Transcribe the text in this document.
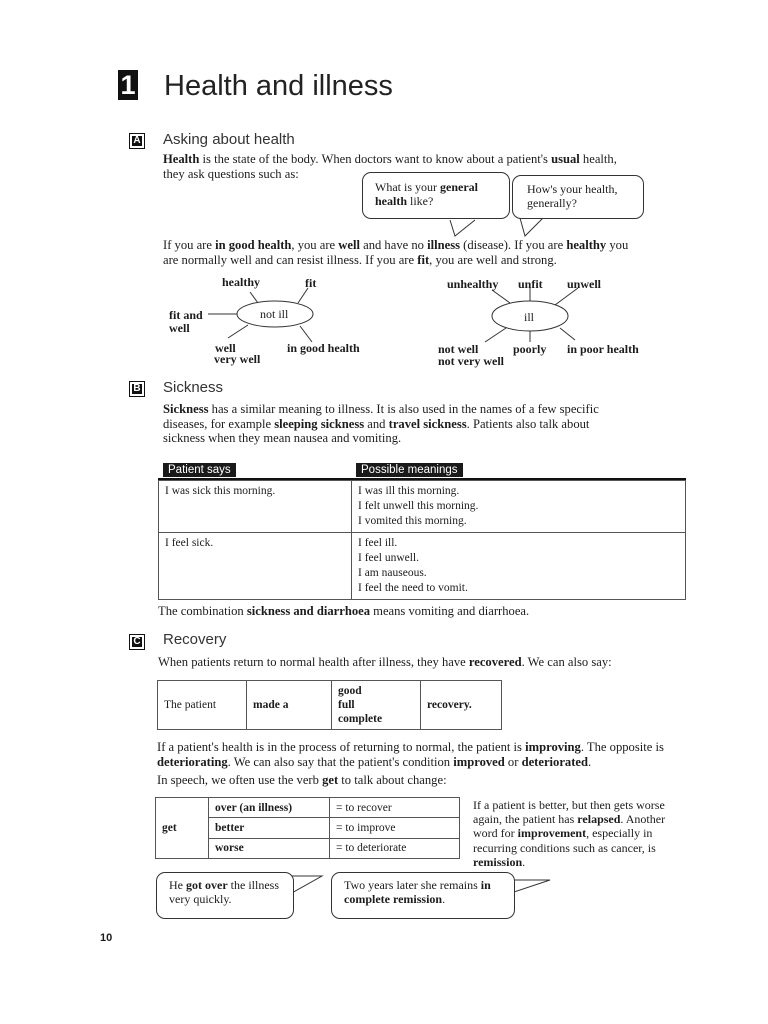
1 Health and illness
A Asking about health
Health is the state of the body. When doctors want to know about a patient's usual health, they ask questions such as:
What is your general health like?
How's your health, generally?
If you are in good health, you are well and have no illness (disease). If you are healthy you are normally well and can resist illness. If you are fit, you are well and strong.
not ill
healthy	fit
fit and well
well
very well
in good health
ill
unhealthy unfit unwell
not well
not very well
poorly in poor health
B Sickness
Sickness has a similar meaning to illness. It is also used in the names of a few specific diseases, for example sleeping sickness and travel sickness. Patients also talk about sickness when they mean nausea and vomiting.
Patient says	Possible meanings
I was sick this morning.	I was ill this morning.
I felt unwell this morning.
I vomited this morning.

I feel sick.	I feel ill.
I feel unwell.
I am nauseous.
I feel the need to vomit.
The combination sickness and diarrhoea means vomiting and diarrhoea.
C Recovery
When patients return to normal health after illness, they have recovered. We can also say:
The patient	made a	
good
full
complete
	recovery.
If a patient's health is in the process of returning to normal, the patient is improving. The opposite is deteriorating. We can also say that the patient's condition improved or deteriorated.
In speech, we often use the verb get to talk about change:
get	over (an illness)	= to recover
	better	= to improve
	worse	= to deteriorate
If a patient is better, but then gets worse again, the patient has relapsed. Another word for improvement, especially in recurring conditions such as cancer, is remission.
He got over the illness very quickly.
Two years later she remains in complete remission.
10
